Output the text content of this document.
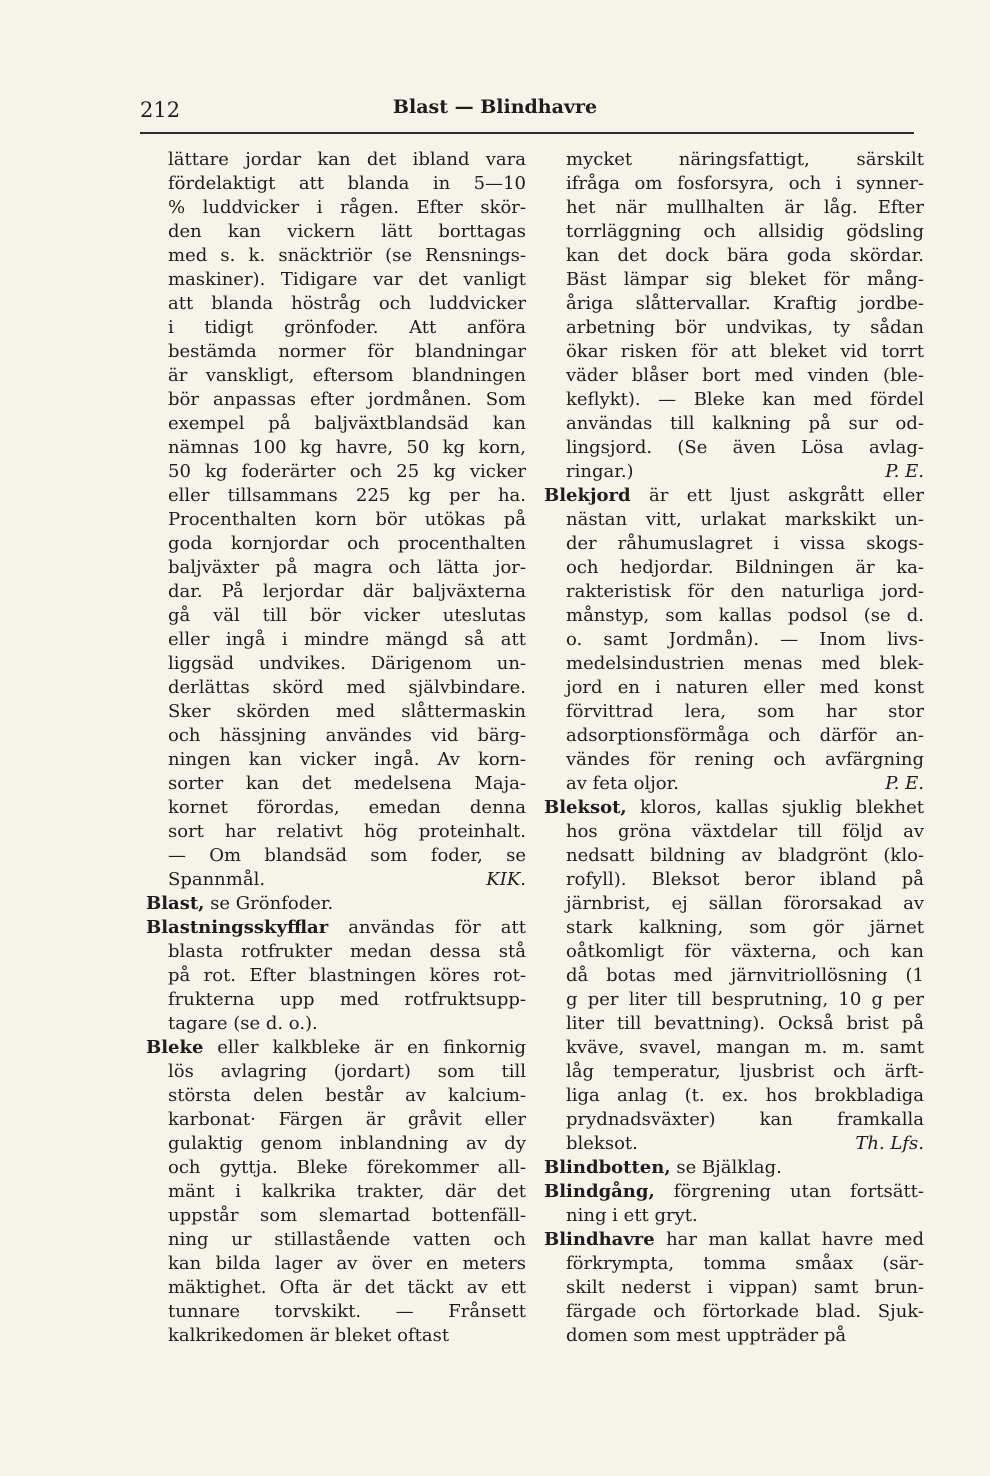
212	Blast — Blindhavre
lättare jordar kan det ibland vara
fördelaktigt att blanda in 5—10
% luddvicker i rågen. Efter skör-
den kan vickern lätt borttagas
med s. k. snäcktriör (se Rensnings-
maskiner). Tidigare var det vanligt
att blanda höstråg och luddvicker
i tidigt grönfoder. Att anföra
bestämda normer för blandningar
är vanskligt, eftersom blandningen
bör anpassas efter jordmånen. Som
exempel på baljväxtblandsäd kan
nämnas 100 kg havre, 50 kg korn,
50 kg foderärter och 25 kg vicker
eller tillsammans 225 kg per ha.
Procenthalten korn bör utökas på
goda kornjordar och procenthalten
baljväxter på magra och lätta jor-
dar. På lerjordar där baljväxterna
gå väl till bör vicker uteslutas
eller ingå i mindre mängd så att
liggsäd undvikes. Därigenom un-
derlättas skörd med självbindare.
Sker skörden med slåttermaskin
och hässjning användes vid bärg-
ningen kan vicker ingå. Av korn-
sorter kan det medelsena Maja-
kornet förordas, emedan denna
sort har relativt hög proteinhalt.
— Om blandsäd som foder, se
Spannmål.	KIK.
Blast, se Grönfoder.
Blastningsskyfflar användas för att
blasta rotfrukter medan dessa stå
på rot. Efter blastningen köres rot-
frukterna upp med rotfruktsupp-
tagare (se d. o.).
Bleke eller kalkbleke är en finkornig
lös avlagring (jordart) som till
största delen består av kalcium-
karbonat· Färgen är gråvit eller
gulaktig genom inblandning av dy
och gyttja. Bleke förekommer all-
mänt i kalkrika trakter, där det
uppstår som slemartad bottenfäll-
ning ur stillastående vatten och
kan bilda lager av över en meters
mäktighet. Ofta är det täckt av ett
tunnare torvskikt. — Frånsett
kalkrikedomen är bleket oftast
mycket näringsfattigt, särskilt
ifråga om fosforsyra, och i synner-
het när mullhalten är låg. Efter
torrläggning och allsidig gödsling
kan det dock bära goda skördar.
Bäst lämpar sig bleket för mång-
åriga slåttervallar. Kraftig jordbe-
arbetning bör undvikas, ty sådan
ökar risken för att bleket vid torrt
väder blåser bort med vinden (ble-
keflykt). — Bleke kan med fördel
användas till kalkning på sur od-
lingsjord. (Se även Lösa avlag-
ringar.)	P. E.
Blekjord är ett ljust askgrått eller
nästan vitt, urlakat markskikt un-
der råhumuslagret i vissa skogs-
och hedjordar. Bildningen är ka-
rakteristisk för den naturliga jord-
månstyp, som kallas podsol (se d.
o. samt Jordmån). — Inom livs-
medelsindustrien menas med blek-
jord en i naturen eller med konst
förvittrad lera, som har stor
adsorptionsförmåga och därför an-
vändes för rening och avfärgning
av feta oljor.	P. E.
Bleksot, kloros, kallas sjuklig blekhet
hos gröna växtdelar till följd av
nedsatt bildning av bladgrönt (klo-
rofyll). Bleksot beror ibland på
järnbrist, ej sällan förorsakad av
stark kalkning, som gör järnet
oåtkomligt för växterna, och kan
då botas med järnvitriollösning (1
g per liter till besprutning, 10 g per
liter till bevattning). Också brist på
kväve, svavel, mangan m. m. samt
låg temperatur, ljusbrist och ärft-
liga anlag (t. ex. hos brokbladiga
prydnadsväxter) kan framkalla
bleksot.	Th. Lfs.
Blindbotten, se Bjälklag.
Blindgång, förgrening utan fortsätt-
ning i ett gryt.
Blindhavre har man kallat havre med
förkrympta, tomma småax (sär-
skilt nederst i vippan) samt brun-
färgade och förtorkade blad. Sjuk-
domen som mest uppträder på
